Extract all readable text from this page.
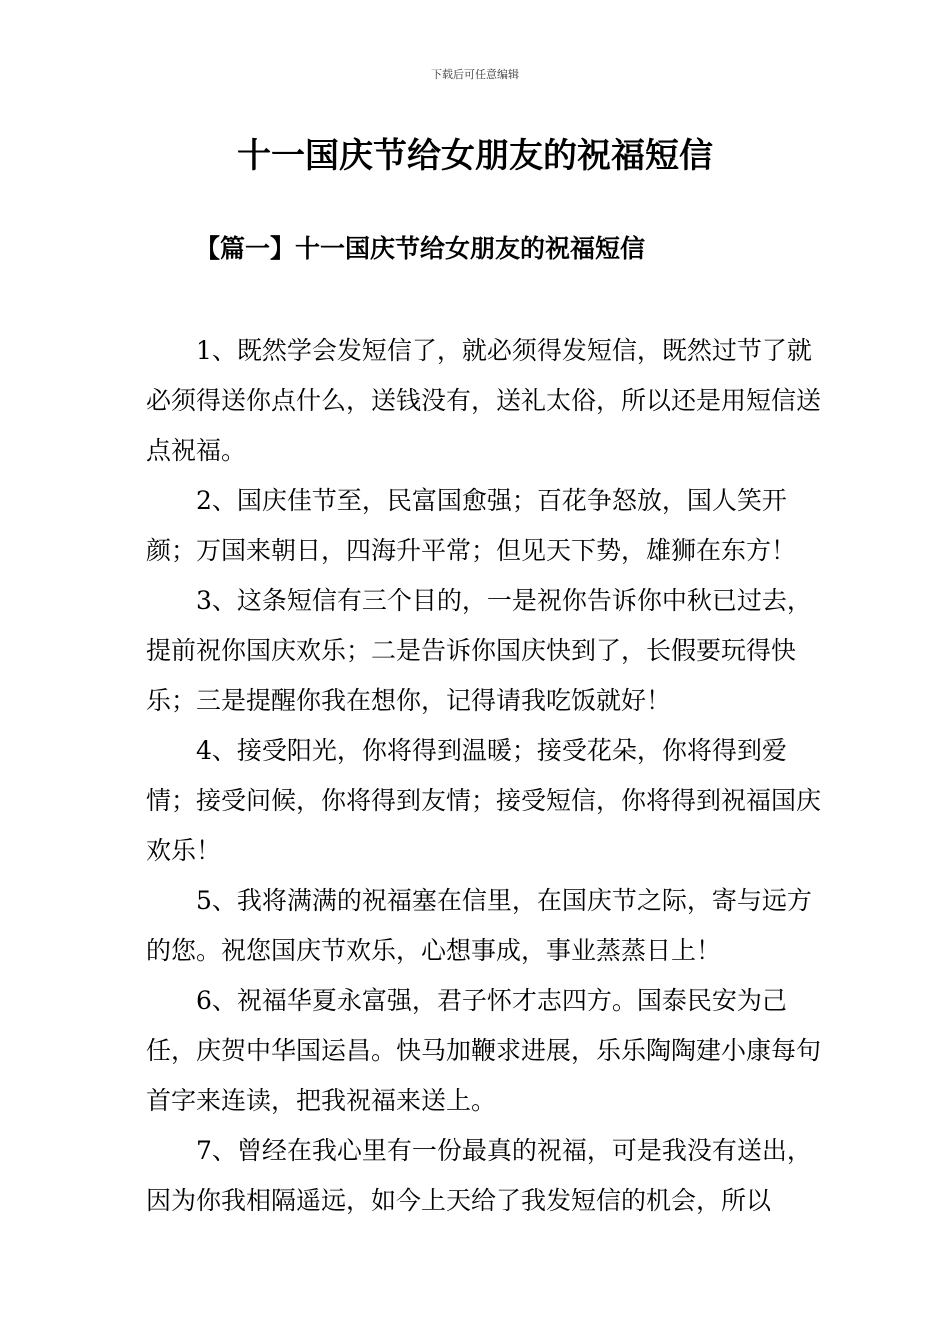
下载后可任意编辑
十一国庆节给女朋友的祝福短信
【篇一】十一国庆节给女朋友的祝福短信

1、既然学会发短信了，就必须得发短信，既然过节了就必须得送你点什么，送钱没有，送礼太俗，所以还是用短信送点祝福。

2、国庆佳节至，民富国愈强；百花争怒放，国人笑开颜；万国来朝日，四海升平常；但见天下势，雄狮在东方！

3、这条短信有三个目的，一是祝你告诉你中秋已过去，提前祝你国庆欢乐；二是告诉你国庆快到了，长假要玩得快乐；三是提醒你我在想你，记得请我吃饭就好！

4、接受阳光，你将得到温暖；接受花朵，你将得到爱情；接受问候，你将得到友情；接受短信，你将得到祝福国庆欢乐！

5、我将满满的祝福塞在信里，在国庆节之际，寄与远方的您。祝您国庆节欢乐，心想事成，事业蒸蒸日上！

6、祝福华夏永富强，君子怀才志四方。国泰民安为己任，庆贺中华国运昌。快马加鞭求进展，乐乐陶陶建小康每句首字来连读，把我祝福来送上。

7、曾经在我心里有一份最真的祝福，可是我没有送出，因为你我相隔遥远，如今上天给了我发短信的机会，所以
